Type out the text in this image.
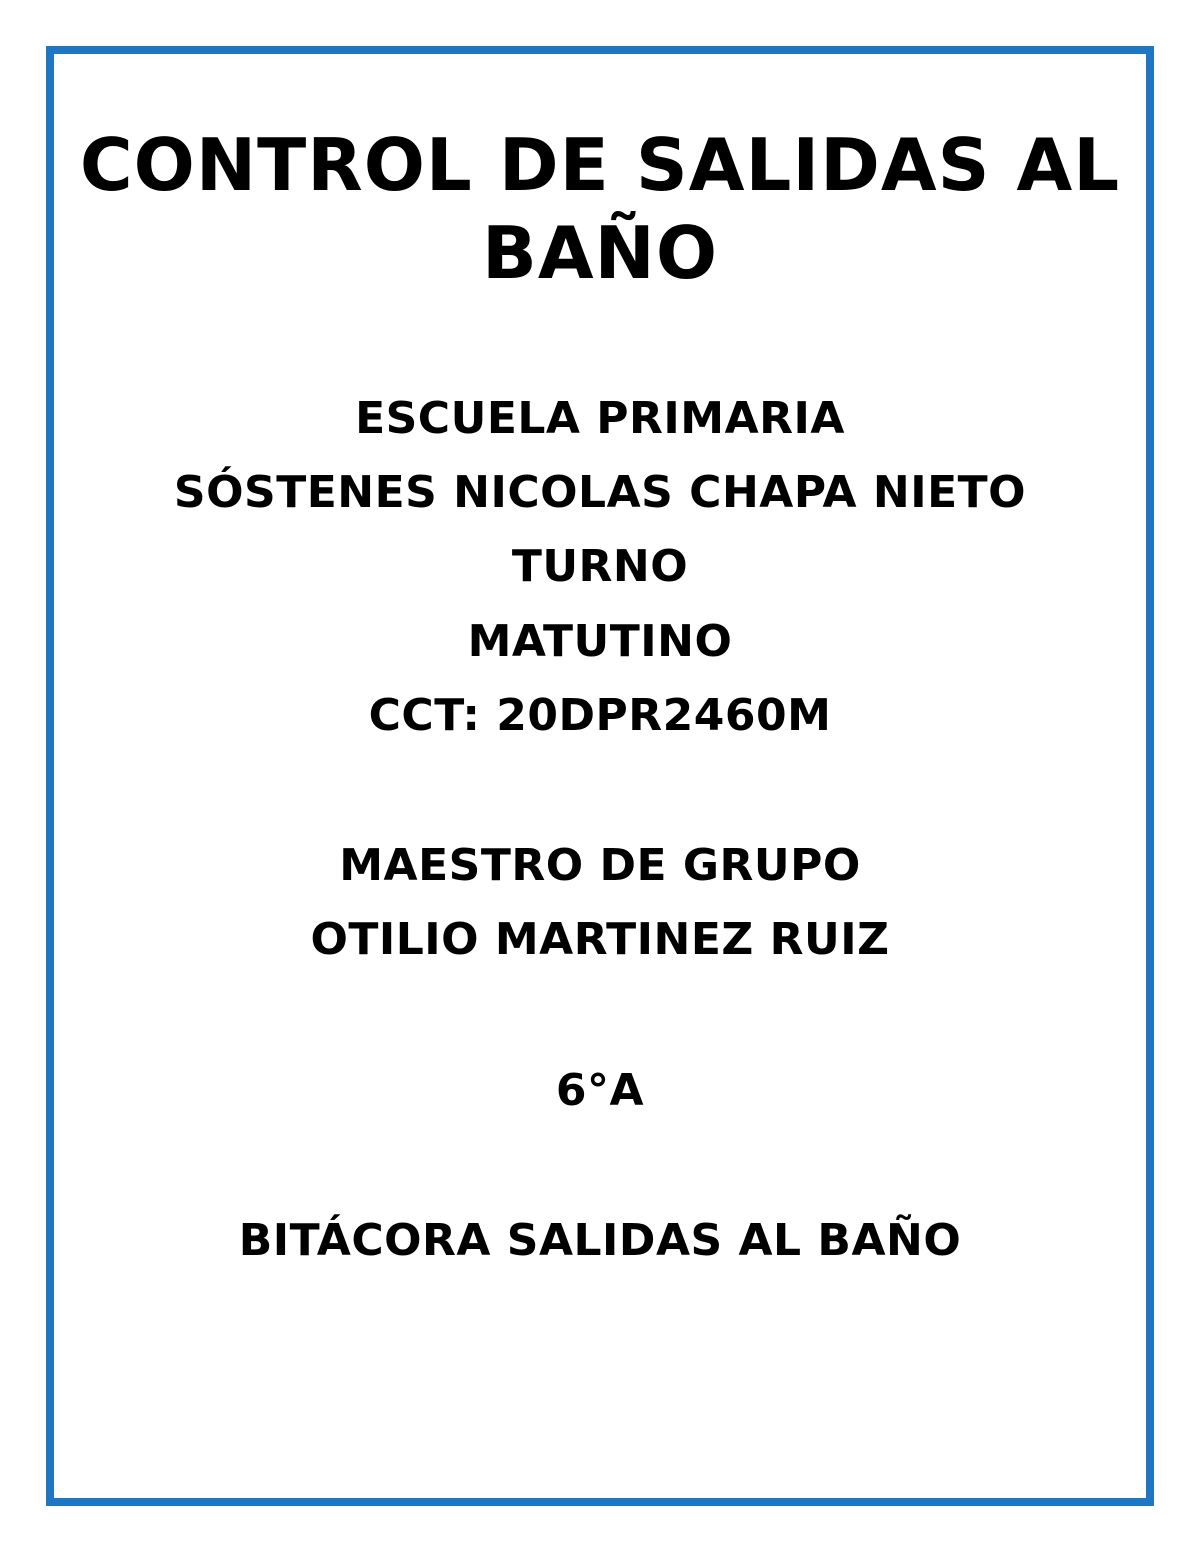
CONTROL DE SALIDAS AL
BAÑO
ESCUELA PRIMARIA
SÓSTENES NICOLAS CHAPA NIETO
TURNO
MATUTINO
CCT: 20DPR2460M
MAESTRO DE GRUPO
OTILIO MARTINEZ RUIZ
6°A
BITÁCORA SALIDAS AL BAÑO
